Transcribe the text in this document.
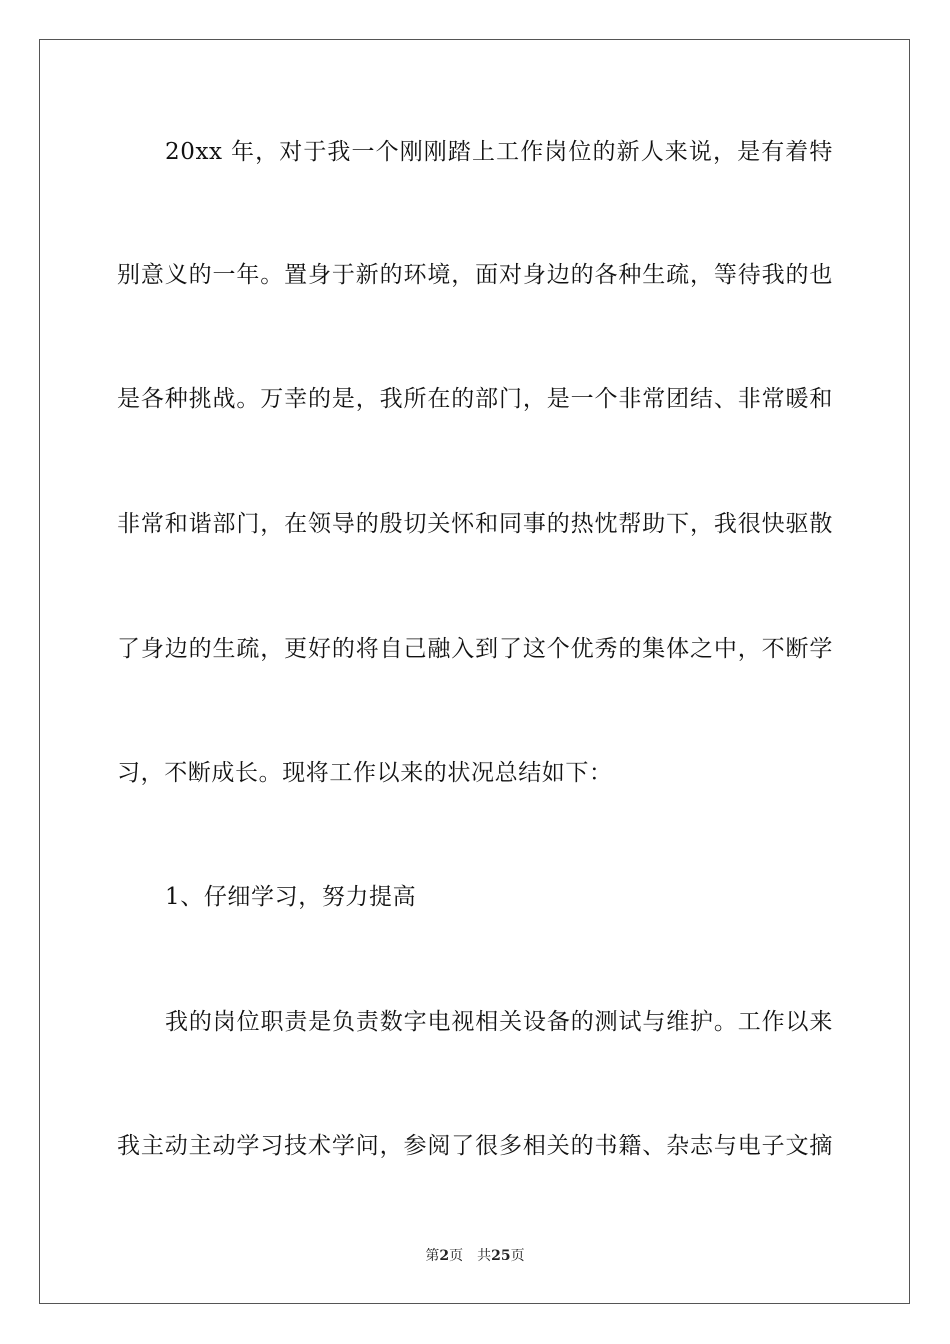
20xx 年，对于我一个刚刚踏上工作岗位的新人来说，是有着特
别意义的一年。置身于新的环境，面对身边的各种生疏，等待我的也
是各种挑战。万幸的是，我所在的部门，是一个非常团结、非常暖和
非常和谐部门，在领导的殷切关怀和同事的热忱帮助下，我很快驱散
了身边的生疏，更好的将自己融入到了这个优秀的集体之中，不断学
习，不断成长。现将工作以来的状况总结如下：
1、仔细学习，努力提高
我的岗位职责是负责数字电视相关设备的测试与维护。工作以来
我主动主动学习技术学问，参阅了很多相关的书籍、杂志与电子文摘
第2页 共25页
